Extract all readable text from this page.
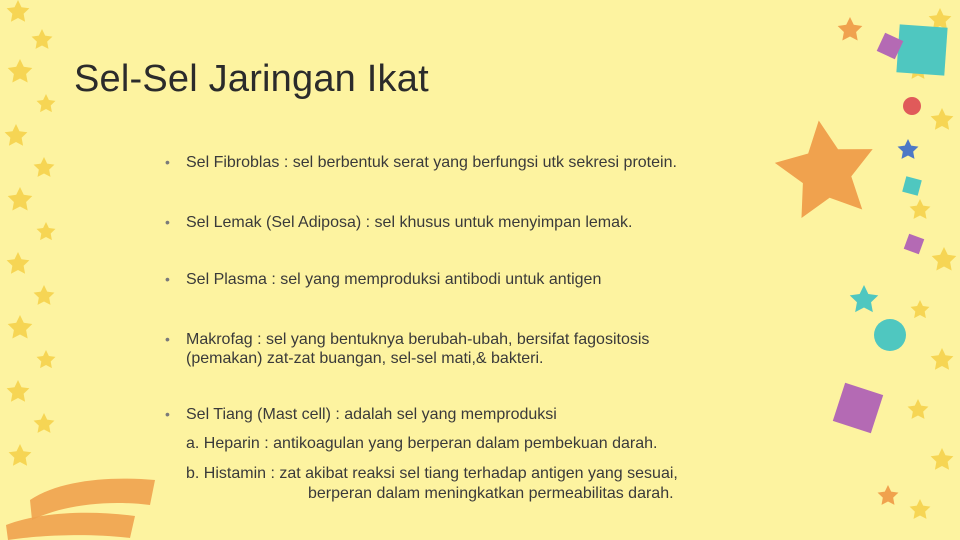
Sel-Sel Jaringan Ikat
• Sel Fibroblas : sel berbentuk serat yang berfungsi utk sekresi protein.
• Sel Lemak (Sel Adiposa) : sel khusus untuk menyimpan lemak.
• Sel Plasma : sel yang memproduksi antibodi untuk antigen
• Makrofag : sel yang bentuknya berubah-ubah, bersifat fagositosis
(pemakan) zat-zat buangan, sel-sel mati,& bakteri.
• Sel Tiang (Mast cell) : adalah sel yang memproduksi
a. Heparin : antikoagulan yang berperan dalam pembekuan darah.
b. Histamin : zat akibat reaksi sel tiang terhadap antigen yang sesuai,
berperan dalam meningkatkan permeabilitas darah.
